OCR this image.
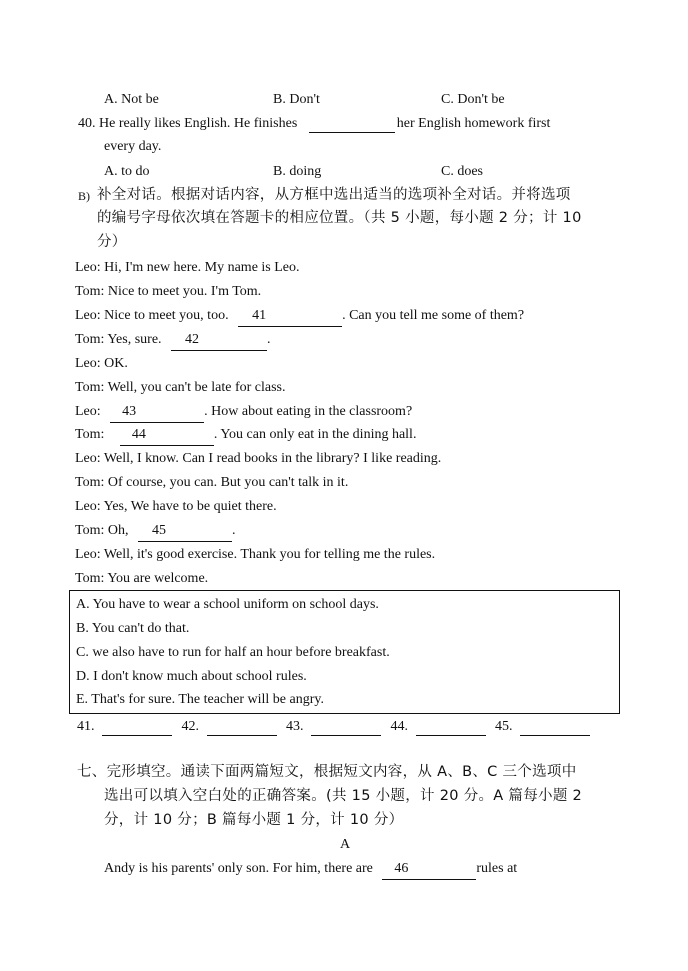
A. Not be	B. Don't	C. Don't be
40. He really likes English. He finishes	her English homework first
every day.
A. to do	B. doing	C. does
B) 补全对话。根据对话内容，从方框中选出适当的选项补全对话。并将选项
的编号字母依次填在答题卡的相应位置。（共 5 小题，每小题 2 分；计 10
分）
Leo: Hi, I'm new here. My name is Leo.
Tom: Nice to meet you. I'm Tom.
Leo: Nice to meet you, too. 41	. Can you tell me some of them?
Tom: Yes, sure. 42	.
Leo: OK.
Tom: Well, you can't be late for class.
Leo: 43	. How about eating in the classroom?
Tom: 44	. You can only eat in the dining hall.
Leo: Well, I know. Can I read books in the library? I like reading.
Tom: Of course, you can. But you can't talk in it.
Leo: Yes, We have to be quiet there.
Tom: Oh, 45	.
Leo: Well, it's good exercise. Thank you for telling me the rules.
Tom: You are welcome.
A. You have to wear a school uniform on school days.
B. You can't do that.
C. we also have to run for half an hour before breakfast.
D. I don't know much about school rules.
E. That's for sure. The teacher will be angry.
41.	42.	43.	44.	45.
七、完形填空。通读下面两篇短文，根据短文内容，从 A、B、C 三个选项中
选出可以填入空白处的正确答案。(共 15 小题，计 20 分。A 篇每小题 2
分，计 10 分；B 篇每小题 1 分，计 10 分）
A
Andy is his parents' only son. For him, there are 46	rules at
